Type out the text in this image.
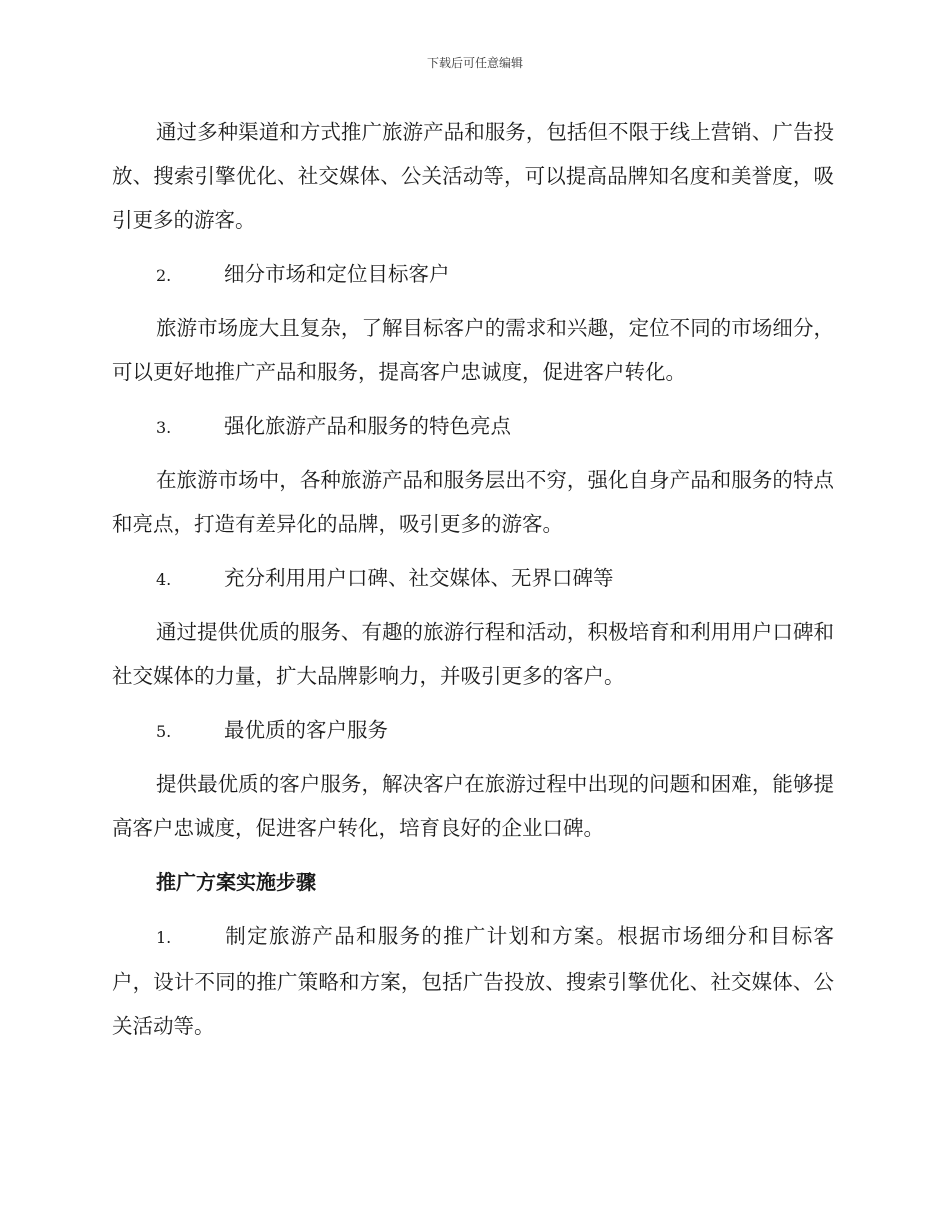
下载后可任意编辑

通过多种渠道和方式推广旅游产品和服务，包括但不限于线上营销、广告投放、搜索引擎优化、社交媒体、公关活动等，可以提高品牌知名度和美誉度，吸引更多的游客。

2.	细分市场和定位目标客户

旅游市场庞大且复杂，了解目标客户的需求和兴趣，定位不同的市场细分，可以更好地推广产品和服务，提高客户忠诚度，促进客户转化。

3.	强化旅游产品和服务的特色亮点

在旅游市场中，各种旅游产品和服务层出不穷，强化自身产品和服务的特点和亮点，打造有差异化的品牌，吸引更多的游客。

4.	充分利用用户口碑、社交媒体、无界口碑等

通过提供优质的服务、有趣的旅游行程和活动，积极培育和利用用户口碑和社交媒体的力量，扩大品牌影响力，并吸引更多的客户。

5.	最优质的客户服务

提供最优质的客户服务，解决客户在旅游过程中出现的问题和困难，能够提高客户忠诚度，促进客户转化，培育良好的企业口碑。

推广方案实施步骤
1.	制定旅游产品和服务的推广计划和方案。根据市场细分和目标客户，设计不同的推广策略和方案，包括广告投放、搜索引擎优化、社交媒体、公关活动等。
